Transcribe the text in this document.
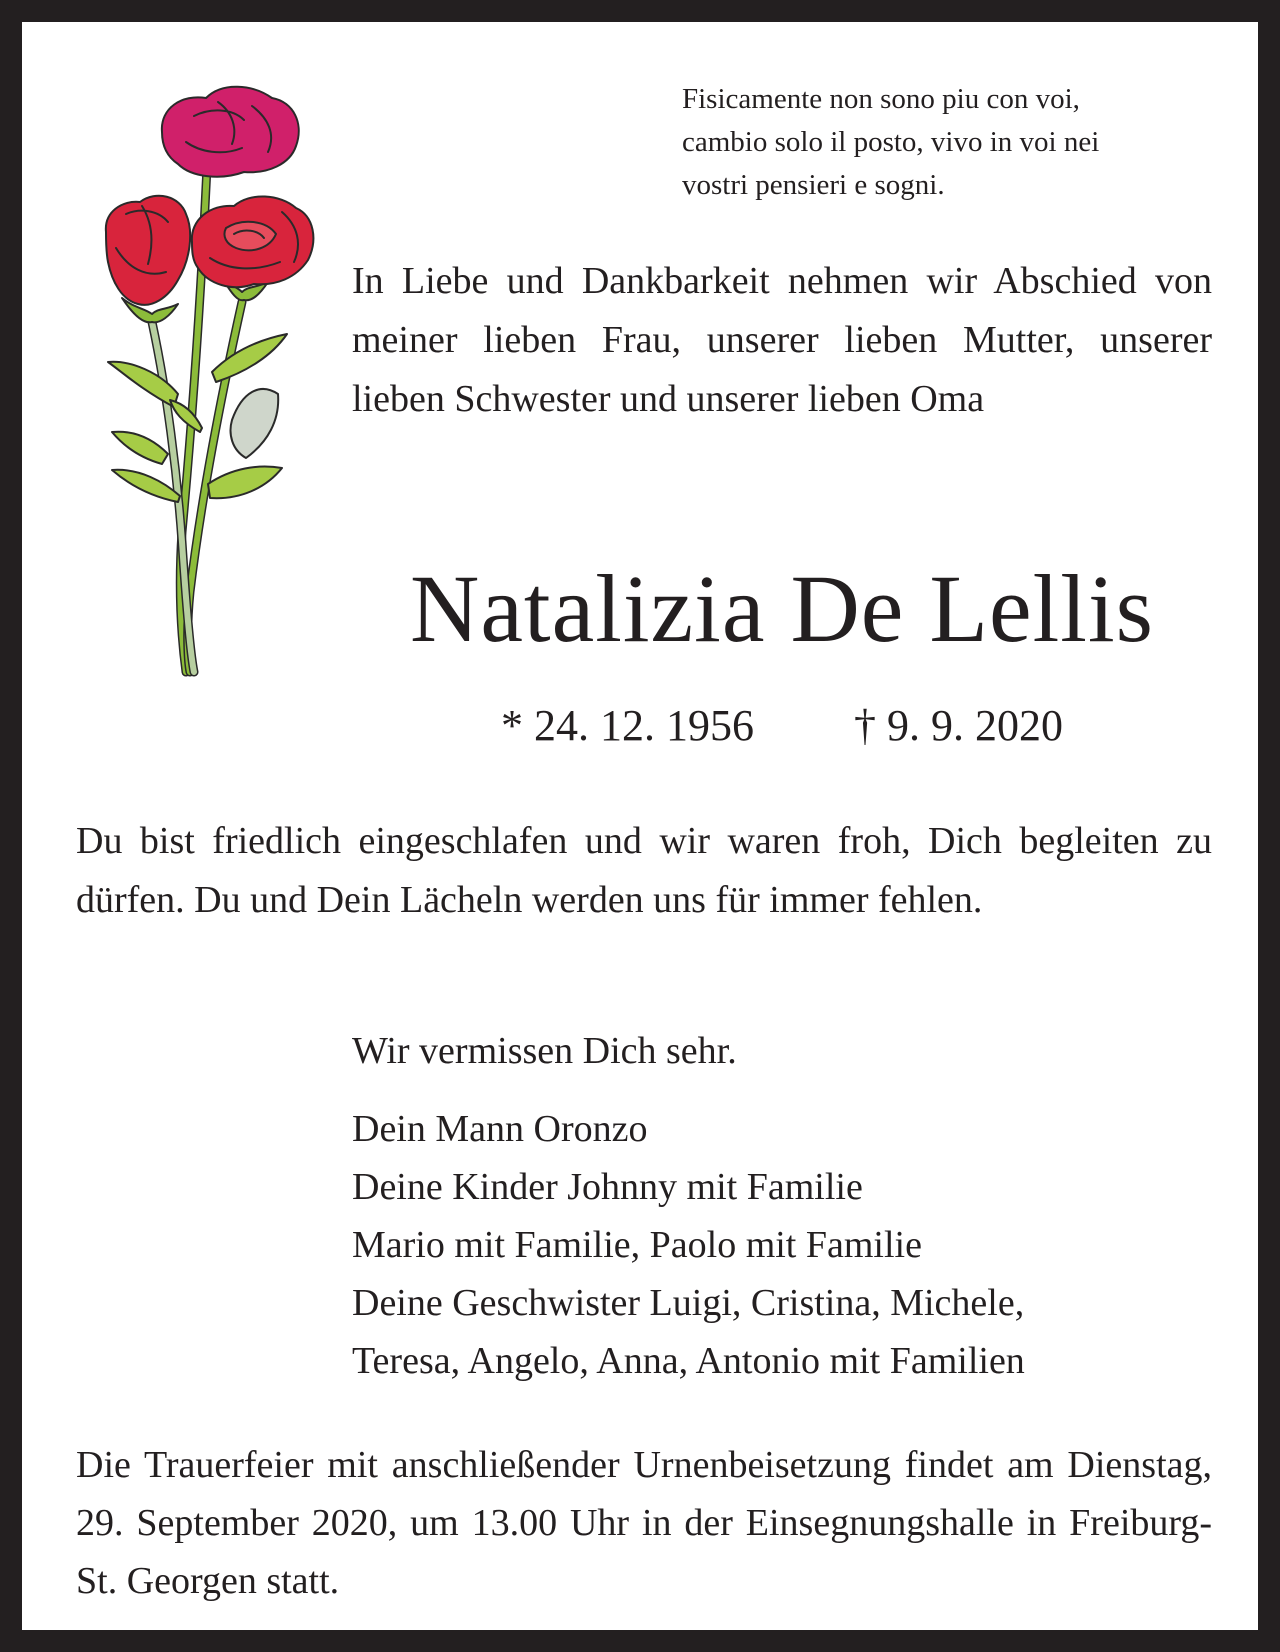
Fisicamente non sono piu con voi,
cambio solo il posto, vivo in voi nei
vostri pensieri e sogni.
In Liebe und Dankbarkeit nehmen wir Abschied von meiner lieben Frau, unserer lieben Mutter, unserer lieben Schwester und unserer lieben Oma
Natalizia De Lellis
* 24. 12. 1956 † 9. 9. 2020
Du bist friedlich eingeschlafen und wir waren froh, Dich begleiten zu dürfen. Du und Dein Lächeln werden uns für immer fehlen.
Wir vermissen Dich sehr.
Dein Mann Oronzo
Deine Kinder Johnny mit Familie
Mario mit Familie, Paolo mit Familie
Deine Geschwister Luigi, Cristina, Michele,
Teresa, Angelo, Anna, Antonio mit Familien
Die Trauerfeier mit anschließender Urnenbeisetzung findet am Dienstag, 29. September 2020, um 13.00 Uhr in der Einsegnungshalle in Freiburg-St. Georgen statt.
